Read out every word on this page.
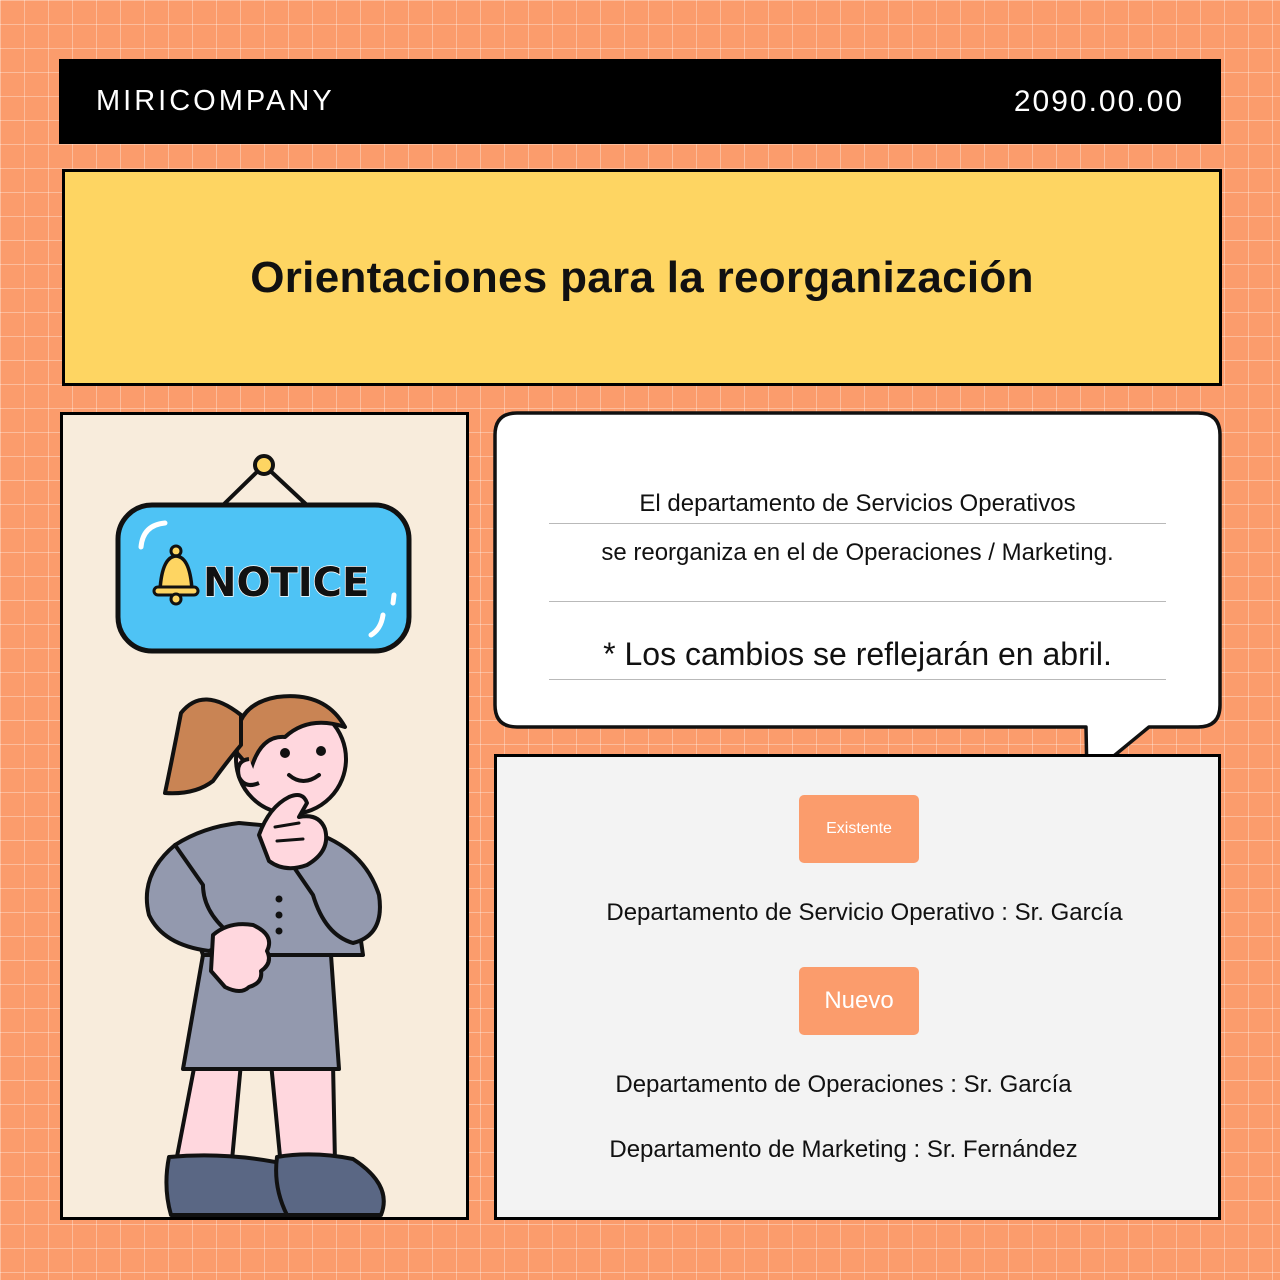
MIRICOMPANY	2090.00.00
Orientaciones para la reorganización
NOTICE
El departamento de Servicios Operativos
se reorganiza en el de Operaciones / Marketing.
* Los cambios se reflejarán en abril.
Existente
Departamento de Servicio Operativo : Sr. García
Nuevo
Departamento de Operaciones : Sr. García
Departamento de Marketing : Sr. Fernández
